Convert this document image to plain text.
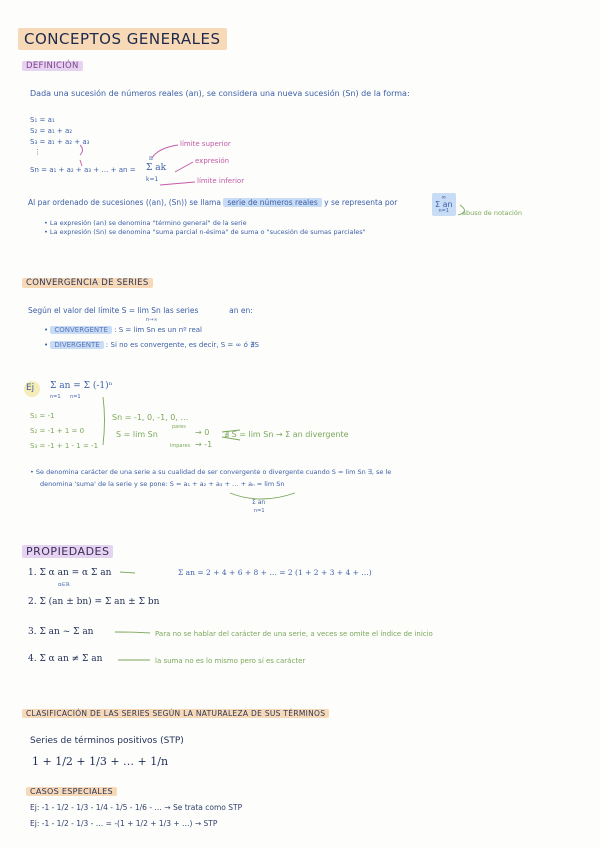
CONCEPTOS GENERALES
DEFINICIÓN
Dada una sucesión de números reales (an), se considera una nueva sucesión (Sn) de la forma:
S₁ = a₁
S₂ = a₁ + a₂
S₃ = a₁ + a₂ + a₃
⋮
Sn = a₁ + a₂ + a₃ + … + an =
n
Σ ak
k=1
límite superior
expresión
límite inferior
Al par ordenado de sucesiones ((an), (Sn)) se llama serie de números reales y se representa por
∞
Σ an
n=1	abuso de notación
• La expresión (an) se denomina "término general" de la serie
• La expresión (Sn) se denomina "suma parcial n-ésima" de suma o "sucesión de sumas parciales"
CONVERGENCIA DE SERIES
Según el valor del límite S = lim Sn las series	an en:
n→∞
• CONVERGENTE : S = lim Sn es un nº real
• DIVERGENTE : Si no es convergente, es decir, S = ∞ ó ∄S
Ej Σ an = Σ (-1)ⁿ
n=1      n=1
S₁ = -1
S₂ = -1 + 1 = 0
S₃ = -1 + 1 - 1 = -1
Sn = -1, 0, -1, 0, …
S = lim Sn
pares
impares
→ 0
→ -1
∄ S = lim Sn → Σ an divergente
• Se denomina carácter de una serie a su cualidad de ser convergente o divergente cuando S = lim Sn ∃, se le
denomina 'suma' de la serie y se pone: S = a₁ + a₂ + a₃ + … + aₙ = lim Sn
Σ an
n=1
PROPIEDADES
1. Σ α an = α Σ an
α∈ℝ
Σ an = 2 + 4 + 6 + 8 + … = 2 (1 + 2 + 3 + 4 + …)
2. Σ (an ± bn) = Σ an ± Σ bn
3. Σ an ~ Σ an	Para no se hablar del carácter de una serie, a veces se omite el índice de inicio
4. Σ α an ≠ Σ an	la suma no es lo mismo pero sí es carácter
CLASIFICACIÓN DE LAS SERIES SEGÚN LA NATURALEZA DE SUS TÉRMINOS
Series de términos positivos (STP)
1 + 1/2 + 1/3 + … + 1/n
CASOS ESPECIALES
Ej: -1 - 1/2 - 1/3 - 1/4 - 1/5 - 1/6 - … → Se trata como STP
Ej: -1 - 1/2 - 1/3 - … = -(1 + 1/2 + 1/3 + …) → STP
